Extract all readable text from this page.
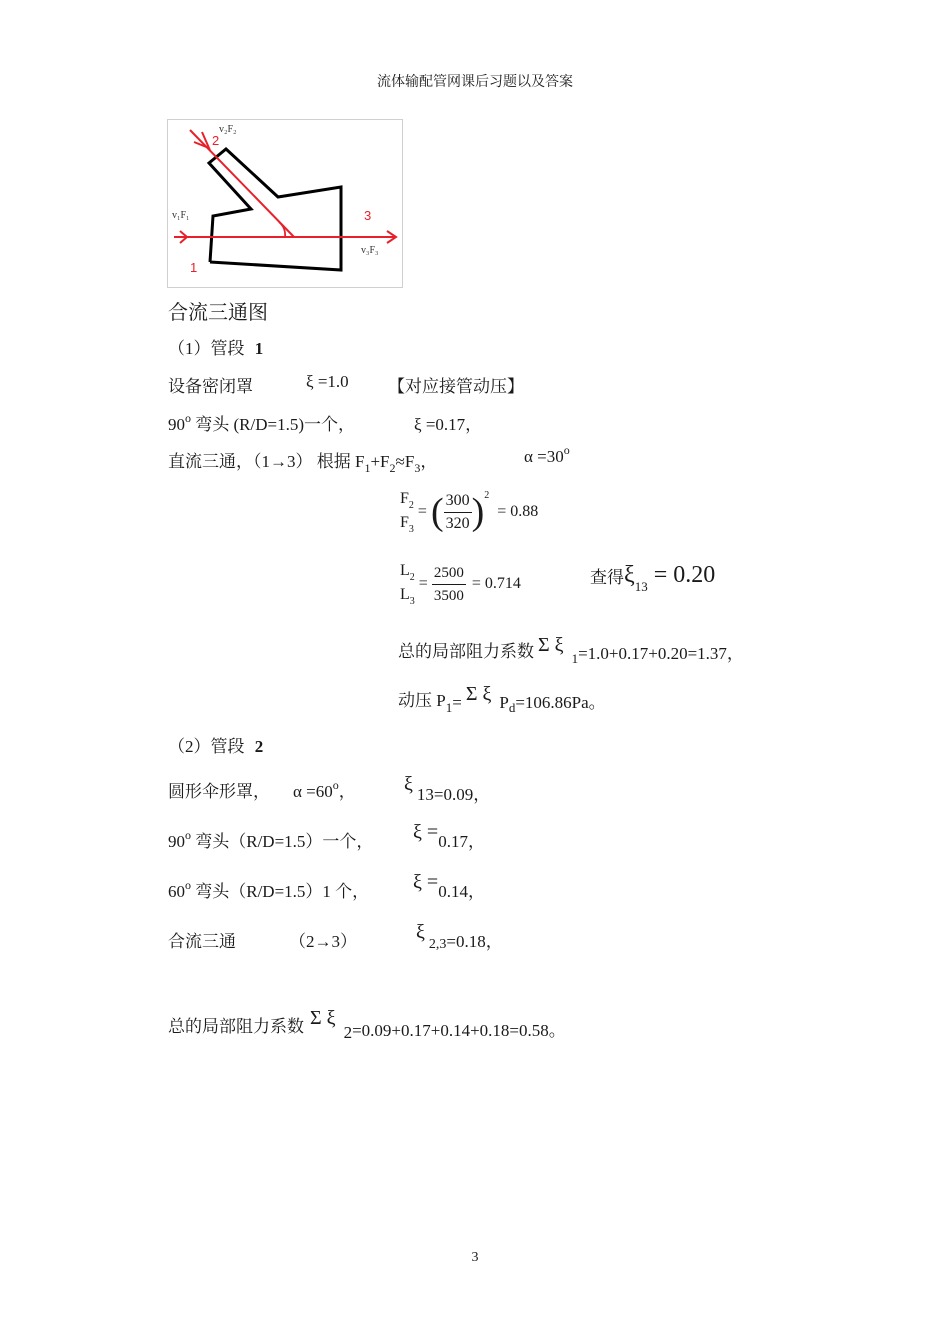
流体输配管网课后习题以及答案
v₂F₂
2
v₁F₁
1
3
v₃F₃
合流三通图
（1）管段 1
设备密闭罩	ξ =1.0 【对应接管动压】
90$^o$ 弯头 (R/D=1.5)一个，	ξ =0.17，
直流三通，（1→3） 根据 $F_1+F_2\approx F_3$，	$\alpha =30^o$
$F_2$
$F_3$
= ( $\frac{300}{320} )^2 = 0.88$
$L_2$
$L_3$
= $\frac{2500}{3500} = 0.714$	查得$\xi_{13} = 0.20$
总的局部阻力系数 Σ $\xi_1=1.0+0.17+0.20=1.37$，
动压 $P_1= \Sigma$ ξ $P_d=106.86Pa$。
（2）管段 2
圆形伞形罩， $\alpha =60^o$， ξ 13=0.09，
90$^o$ 弯头（R/D=1.5）一个， ξ =0.17，
60$^o$ 弯头（R/D=1.5）1 个， ξ =0.14，
合流三通	（2→3）	$\xi_{2,3}=0.18$，
总的局部阻力系数 Σ ξ2=0.09+0.17+0.14+0.18=0.58。
3
